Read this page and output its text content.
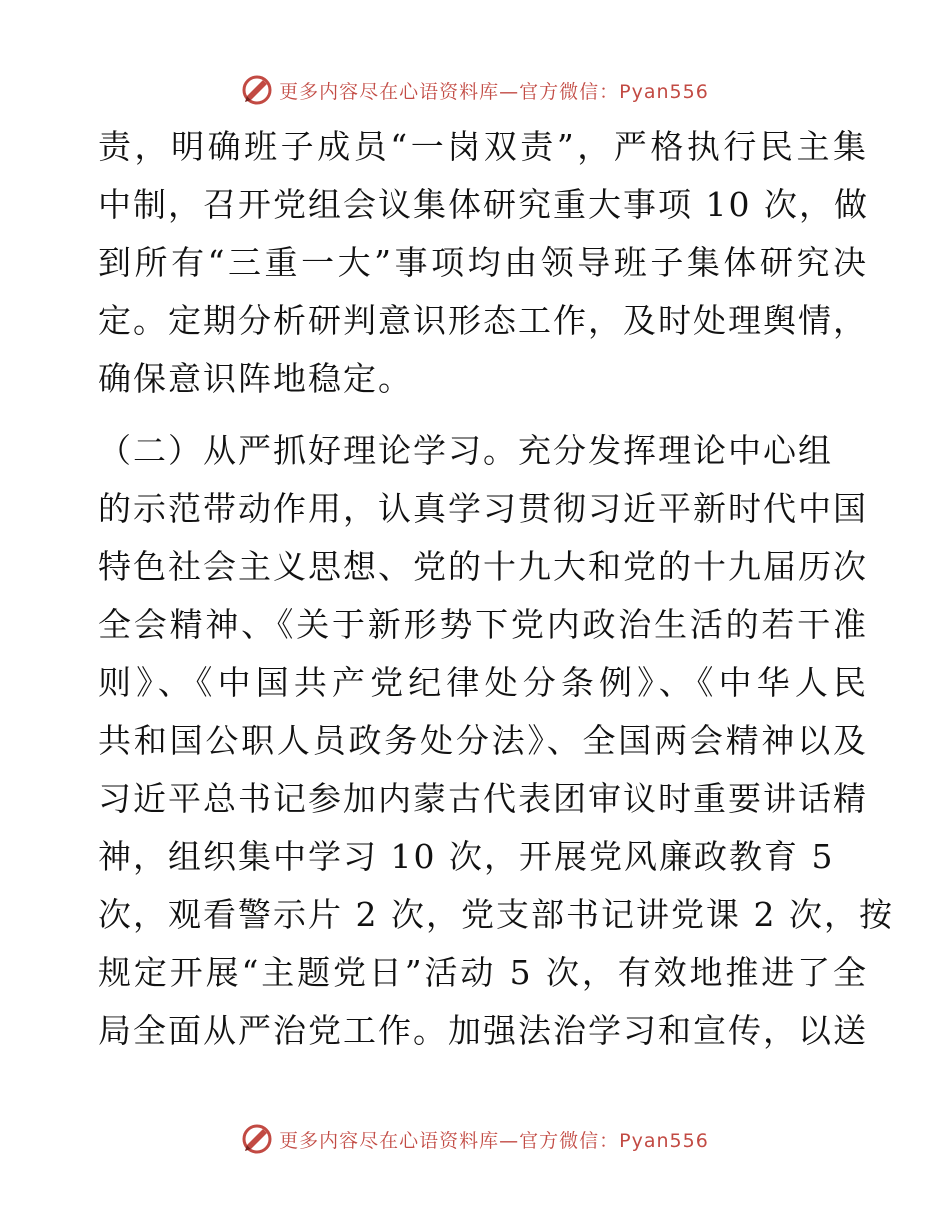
更多内容尽在心语资料库—官方微信：Pyan556
责，明确班子成员“一岗双责”，严格执行民主集
中制，召开党组会议集体研究重大事项 10 次，做
到所有“三重一大”事项均由领导班子集体研究决
定。定期分析研判意识形态工作，及时处理舆情，
确保意识阵地稳定。
（二）从严抓好理论学习。充分发挥理论中心组
的示范带动作用，认真学习贯彻习近平新时代中国
特色社会主义思想、党的十九大和党的十九届历次
全会精神、《关于新形势下党内政治生活的若干准
则》、《中国共产党纪律处分条例》、《中华人民
共和国公职人员政务处分法》、全国两会精神以及
习近平总书记参加内蒙古代表团审议时重要讲话精
神，组织集中学习 10 次，开展党风廉政教育 5
次，观看警示片 2 次，党支部书记讲党课 2 次，按
规定开展“主题党日”活动 5 次，有效地推进了全
局全面从严治党工作。加强法治学习和宣传，以送
更多内容尽在心语资料库—官方微信：Pyan556
